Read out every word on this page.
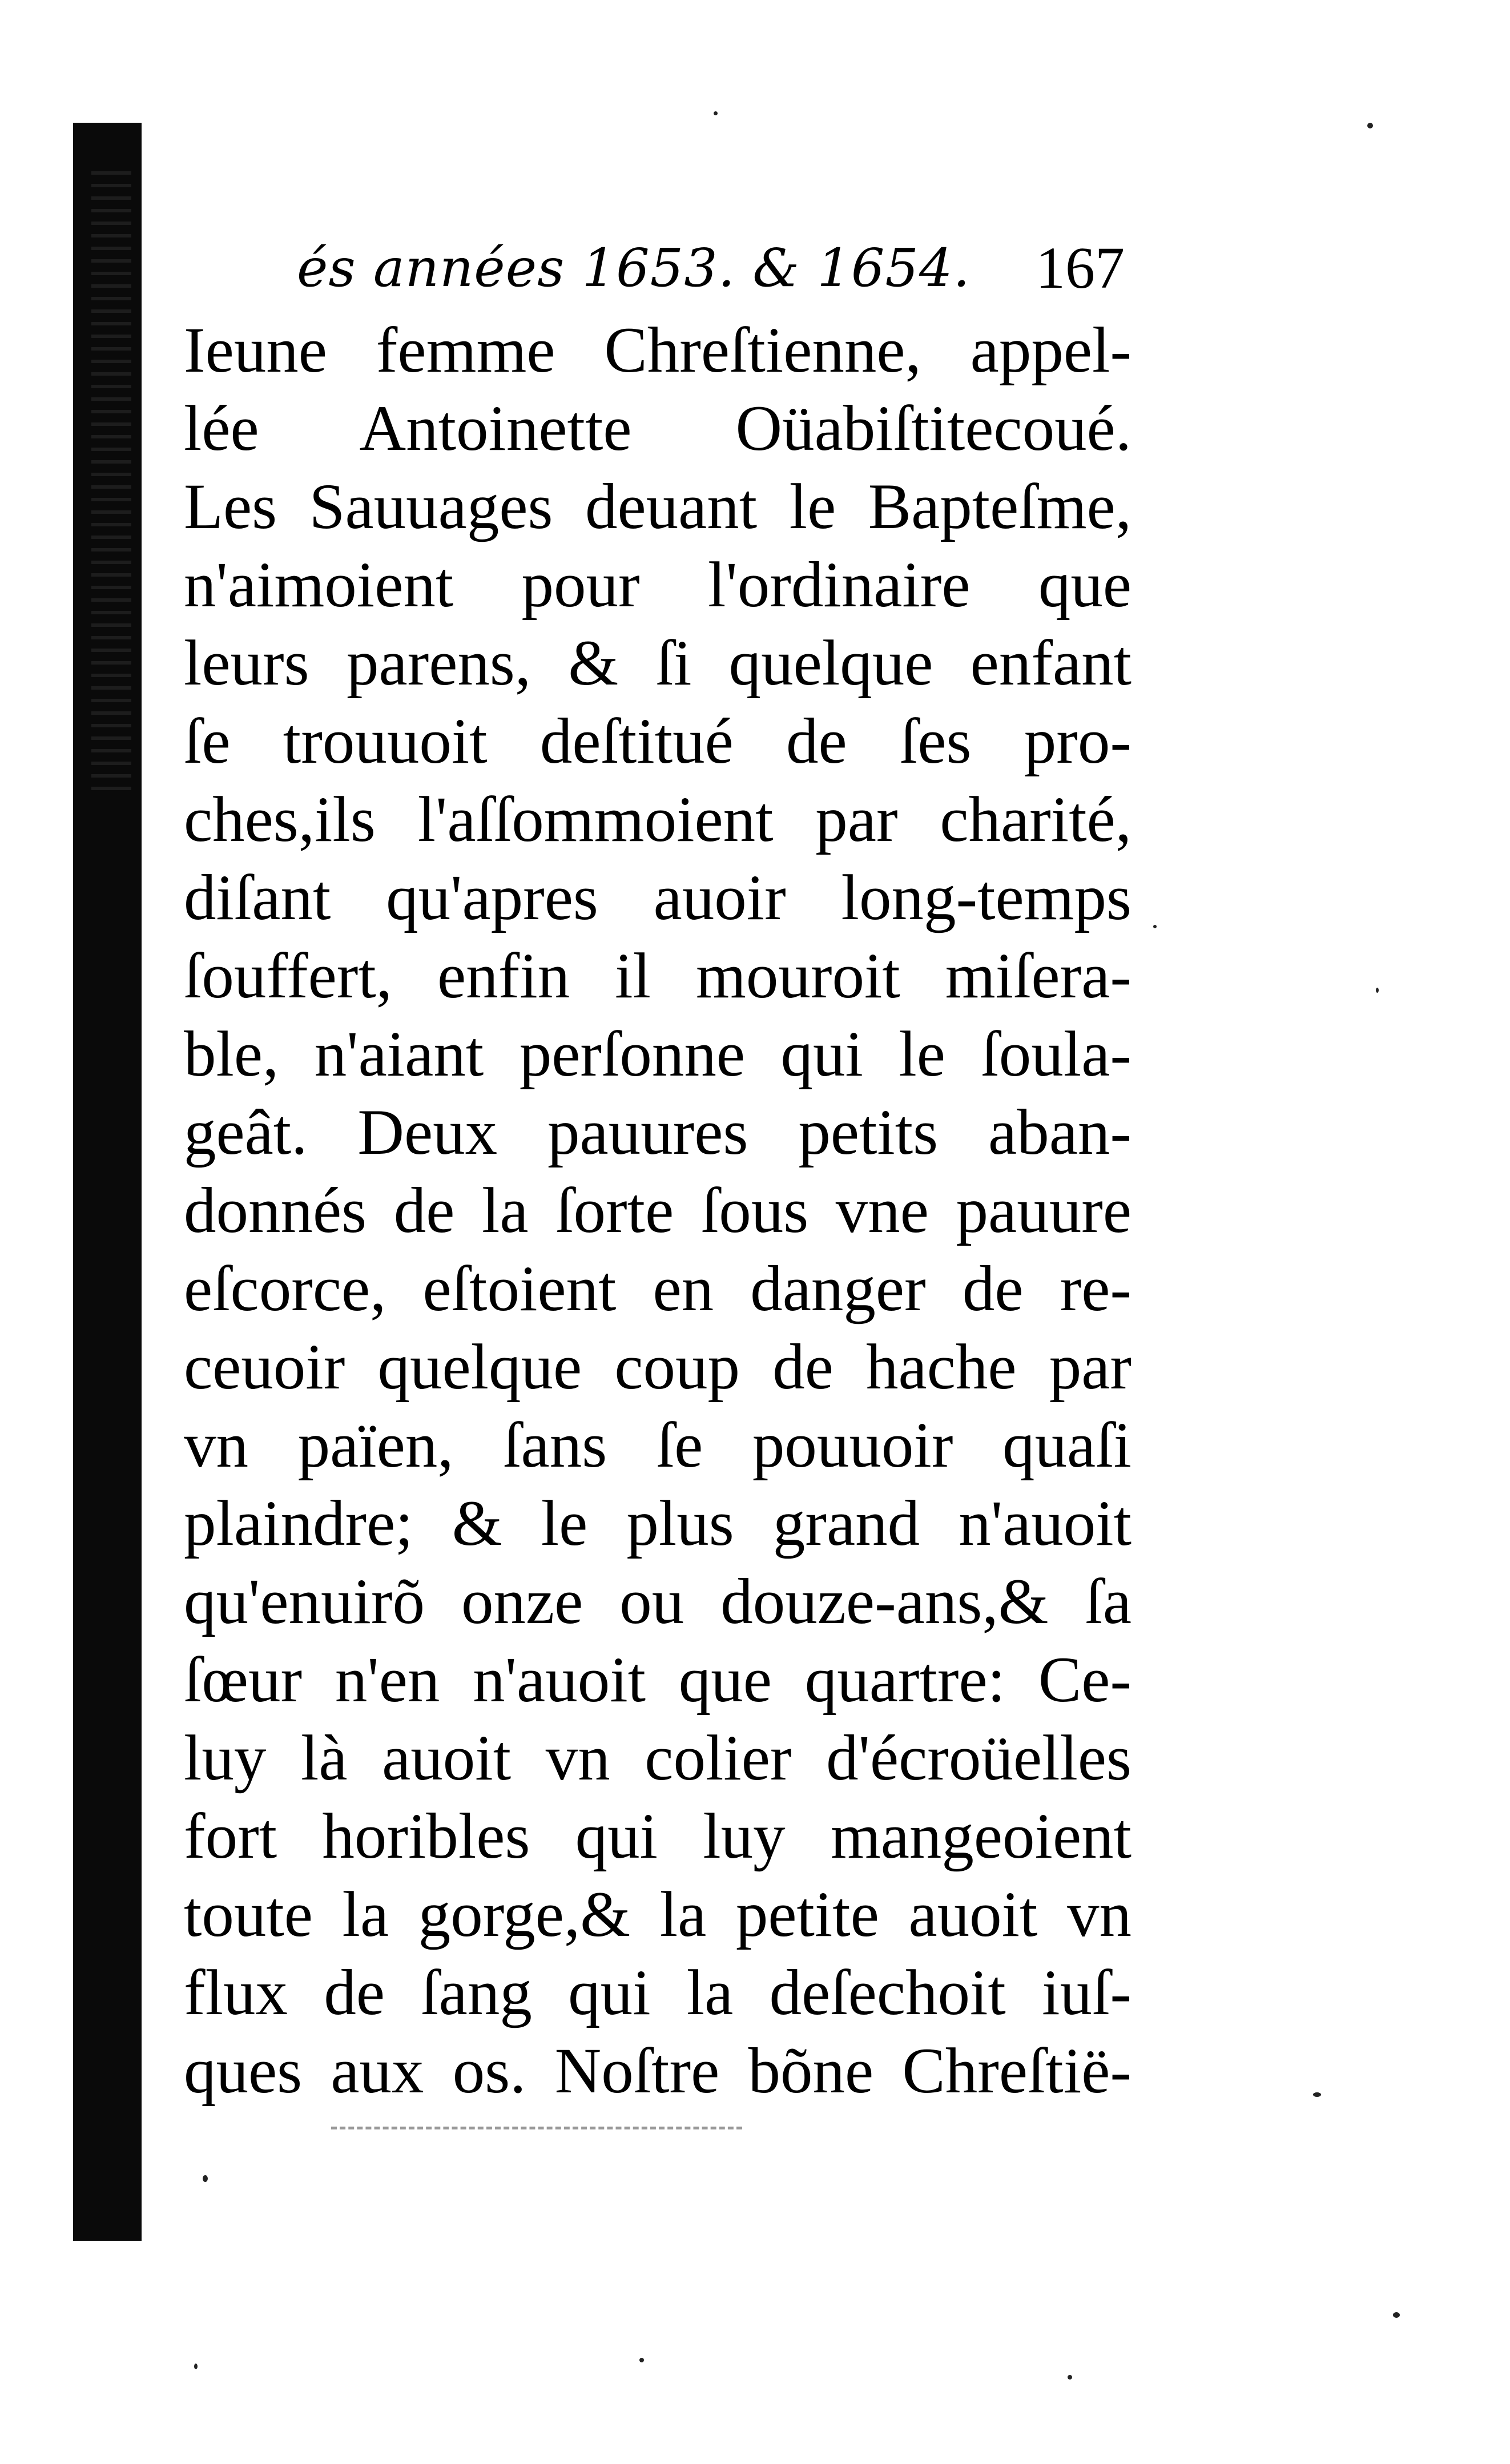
és années 1653. & 1654. 167
Ieune femme Chreſtienne, appel-
lée Antoinette Oüabiſtitecoué.
Les Sauuages deuant le Bapteſme,
n'aimoient pour l'ordinaire que
leurs parens, & ſi quelque enfant
ſe trouuoit deſtitué de ſes pro-
ches,ils l'aſſommoient par charité,
diſant qu'apres auoir long-temps
ſouffert, enfin il mouroit miſera-
ble, n'aiant perſonne qui le ſoula-
geât. Deux pauures petits aban-
donnés de la ſorte ſous vne pauure
eſcorce, eſtoient en danger de re-
ceuoir quelque coup de hache par
vn païen, ſans ſe pouuoir quaſi
plaindre; & le plus grand n'auoit
qu'enuirõ onze ou douze-ans,& ſa
ſœur n'en n'auoit que quartre: Ce-
luy là auoit vn colier d'écroüelles
fort horibles qui luy mangeoient
toute la gorge,& la petite auoit vn
flux de ſang qui la deſechoit iuſ-
ques aux os. Noſtre bõne Chreſtië-
